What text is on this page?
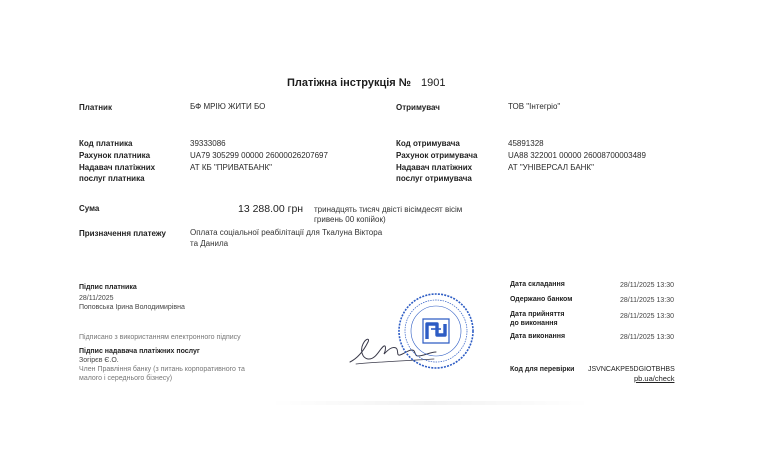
Платіжна інструкція № 1901
Платник	БФ МРІЮ ЖИТИ БО	Отримувач	ТОВ "Інтегріо"
Код платника	39333086
Рахунок платника	UA79 305299 00000 26000026207697
Надавач платіжних
послуг платника
АТ КБ "ПРИВАТБАНК"
Код отримувача	45891328
Рахунок отримувача	UA88 322001 00000 26008700003489
Надавач платіжних
послуг отримувача
АТ "УНІВЕРСАЛ БАНК"
Сума	13 288.00 грн тринадцять тисяч двісті вісімдесят вісім
гривень 00 копійок)
Призначення платежу	Оплата соціальної реабілітації для Ткалуна Віктора
та Данила
Підпис платника
28/11/2025
Поповська Ірина Володимирівна
Підписано з використанням електронного підпису
Підпис надавача платіжних послуг
Зогірєв Є.О.
Член Правління банку (з питань корпоративного та
малого і середнього бізнесу)
Дата складання	28/11/2025 13:30
Одержано банком	28/11/2025 13:30
Дата прийняття
до виконання
28/11/2025 13:30
Дата виконання	28/11/2025 13:30
Код для перевірки JSVNCAKPE5DGIOTBHBS
pb.ua/check
